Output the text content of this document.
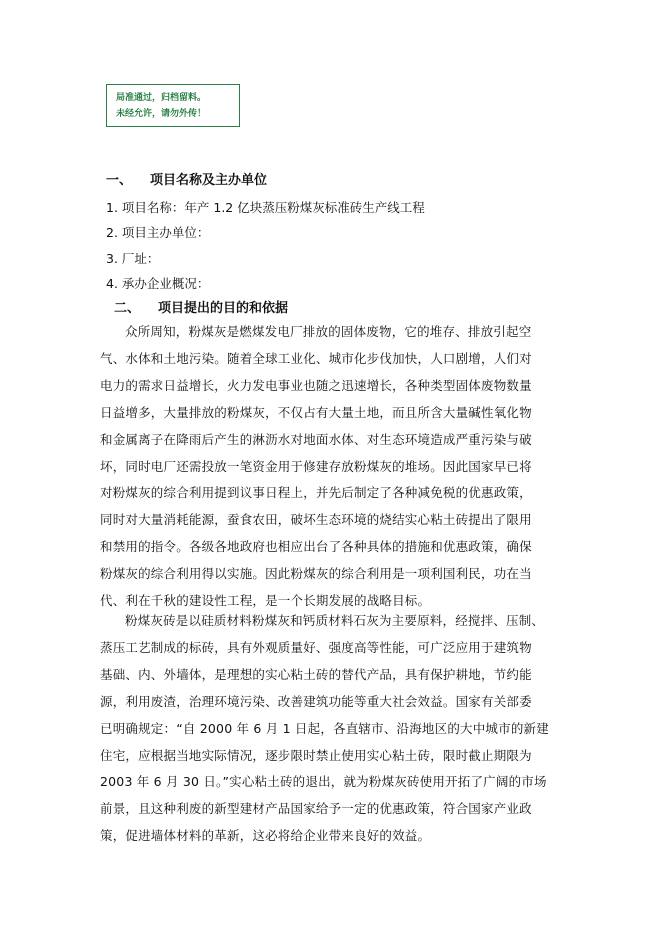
局准通过，归档留料。
未经允许，请勿外传！
一、 项目名称及主办单位
1. 项目名称：年产 1.2 亿块蒸压粉煤灰标准砖生产线工程
2. 项目主办单位：
3. 厂址：
4. 承办企业概况：
二、 项目提出的目的和依据
众所周知，粉煤灰是燃煤发电厂排放的固体废物，它的堆存、排放引起空
气、水体和土地污染。随着全球工业化、城市化步伐加快，人口剧增，人们对
电力的需求日益增长，火力发电事业也随之迅速增长，各种类型固体废物数量
日益增多，大量排放的粉煤灰，不仅占有大量土地，而且所含大量碱性氧化物
和金属离子在降雨后产生的淋沥水对地面水体、对生态环境造成严重污染与破
坏，同时电厂还需投放一笔资金用于修建存放粉煤灰的堆场。因此国家早已将
对粉煤灰的综合利用提到议事日程上，并先后制定了各种减免税的优惠政策，
同时对大量消耗能源，蚕食农田，破坏生态环境的烧结实心粘土砖提出了限用
和禁用的指令。各级各地政府也相应出台了各种具体的措施和优惠政策，确保
粉煤灰的综合利用得以实施。因此粉煤灰的综合利用是一项利国利民，功在当
代、利在千秋的建设性工程，是一个长期发展的战略目标。
粉煤灰砖是以硅质材料粉煤灰和钙质材料石灰为主要原料，经搅拌、压制、
蒸压工艺制成的标砖，具有外观质量好、强度高等性能，可广泛应用于建筑物
基础、内、外墙体，是理想的实心粘土砖的替代产品，具有保护耕地，节约能
源，利用废渣，治理环境污染、改善建筑功能等重大社会效益。国家有关部委
已明确规定：“自 2000 年 6 月 1 日起，各直辖市、沿海地区的大中城市的新建
住宅，应根据当地实际情况，逐步限时禁止使用实心粘土砖，限时截止期限为
2003 年 6 月 30 日。”实心粘土砖的退出，就为粉煤灰砖使用开拓了广阔的市场
前景，且这种利废的新型建材产品国家给予一定的优惠政策，符合国家产业政
策，促进墙体材料的革新，这必将给企业带来良好的效益。
